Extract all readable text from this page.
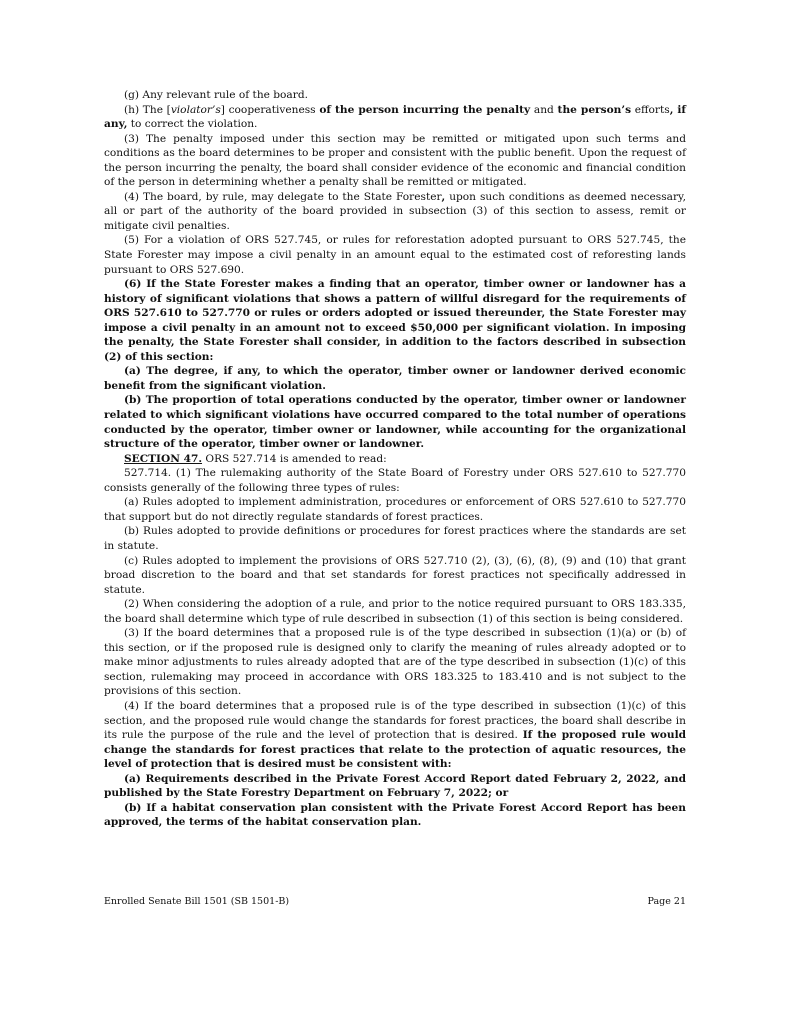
(g) Any relevant rule of the board.

(h) The [violator’s] cooperativeness of the person incurring the penalty and the person’s efforts, if any, to correct the violation.

(3) The penalty imposed under this section may be remitted or mitigated upon such terms and conditions as the board determines to be proper and consistent with the public benefit. Upon the request of the person incurring the penalty, the board shall consider evidence of the economic and financial condition of the person in determining whether a penalty shall be remitted or mitigated.

(4) The board, by rule, may delegate to the State Forester, upon such conditions as deemed necessary, all or part of the authority of the board provided in subsection (3) of this section to assess, remit or mitigate civil penalties.

(5) For a violation of ORS 527.745, or rules for reforestation adopted pursuant to ORS 527.745, the State Forester may impose a civil penalty in an amount equal to the estimated cost of reforesting lands pursuant to ORS 527.690.

(6) If the State Forester makes a finding that an operator, timber owner or landowner has a history of significant violations that shows a pattern of willful disregard for the requirements of ORS 527.610 to 527.770 or rules or orders adopted or issued thereunder, the State Forester may impose a civil penalty in an amount not to exceed $50,000 per significant violation. In imposing the penalty, the State Forester shall consider, in addition to the factors described in subsection (2) of this section:

(a) The degree, if any, to which the operator, timber owner or landowner derived economic benefit from the significant violation.

(b) The proportion of total operations conducted by the operator, timber owner or landowner related to which significant violations have occurred compared to the total number of operations conducted by the operator, timber owner or landowner, while accounting for the organizational structure of the operator, timber owner or landowner.

SECTION 47. ORS 527.714 is amended to read:

527.714. (1) The rulemaking authority of the State Board of Forestry under ORS 527.610 to 527.770 consists generally of the following three types of rules:

(a) Rules adopted to implement administration, procedures or enforcement of ORS 527.610 to 527.770 that support but do not directly regulate standards of forest practices.

(b) Rules adopted to provide definitions or procedures for forest practices where the standards are set in statute.

(c) Rules adopted to implement the provisions of ORS 527.710 (2), (3), (6), (8), (9) and (10) that grant broad discretion to the board and that set standards for forest practices not specifically addressed in statute.

(2) When considering the adoption of a rule, and prior to the notice required pursuant to ORS 183.335, the board shall determine which type of rule described in subsection (1) of this section is being considered.

(3) If the board determines that a proposed rule is of the type described in subsection (1)(a) or (b) of this section, or if the proposed rule is designed only to clarify the meaning of rules already adopted or to make minor adjustments to rules already adopted that are of the type described in subsection (1)(c) of this section, rulemaking may proceed in accordance with ORS 183.325 to 183.410 and is not subject to the provisions of this section.

(4) If the board determines that a proposed rule is of the type described in subsection (1)(c) of this section, and the proposed rule would change the standards for forest practices, the board shall describe in its rule the purpose of the rule and the level of protection that is desired. If the proposed rule would change the standards for forest practices that relate to the protection of aquatic resources, the level of protection that is desired must be consistent with:

(a) Requirements described in the Private Forest Accord Report dated February 2, 2022, and published by the State Forestry Department on February 7, 2022; or

(b) If a habitat conservation plan consistent with the Private Forest Accord Report has been approved, the terms of the habitat conservation plan.

Enrolled Senate Bill 1501 (SB 1501-B)	Page 21
